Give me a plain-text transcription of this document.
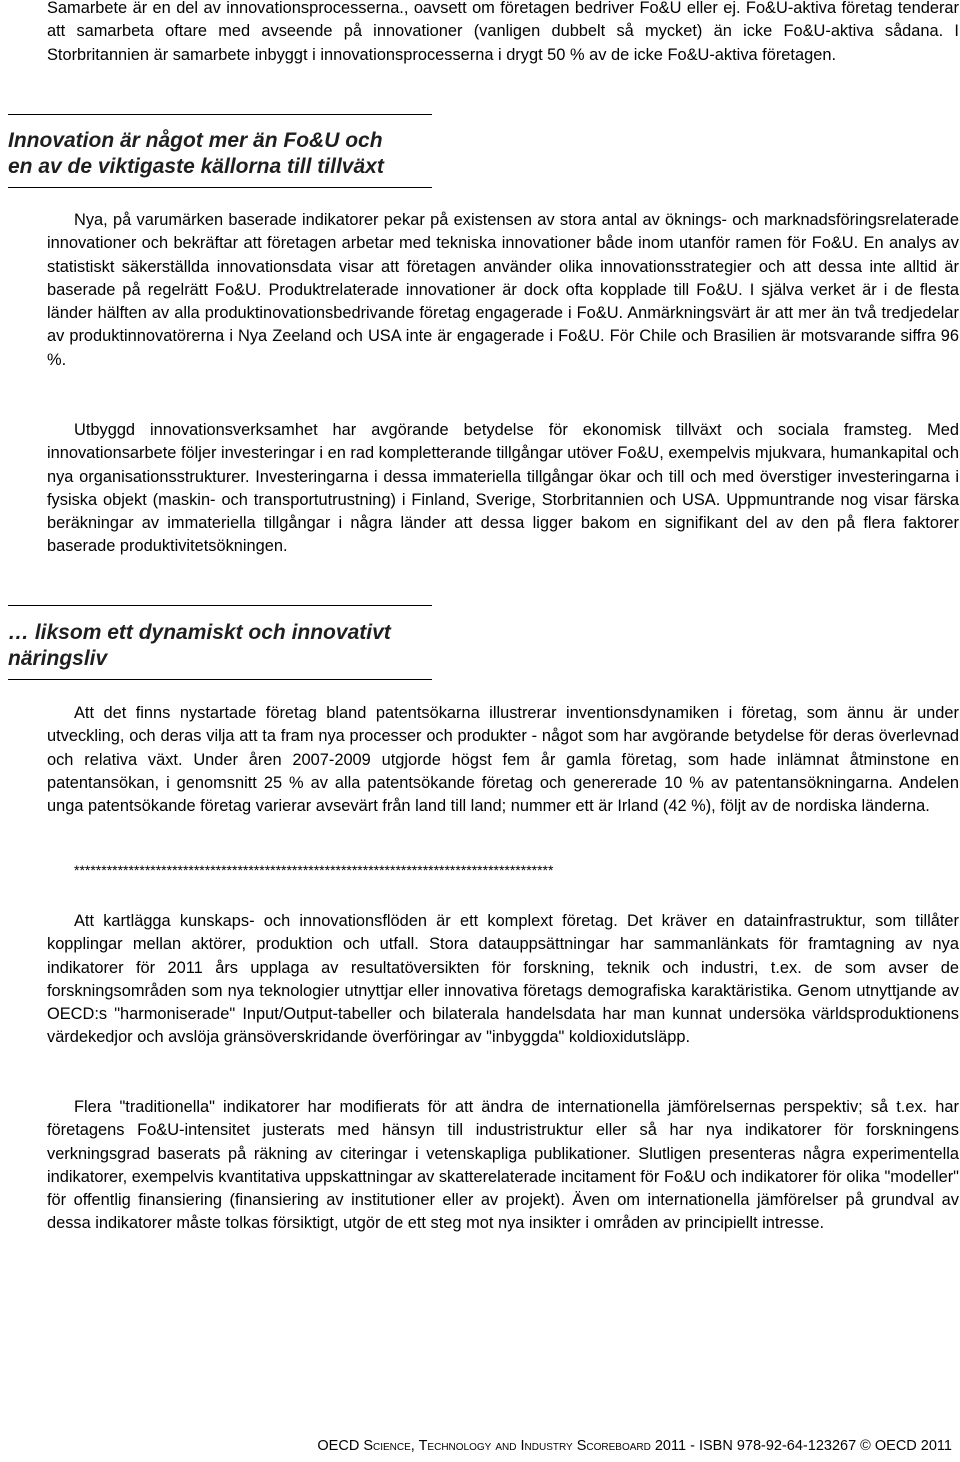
Samarbete är en del av innovationsprocesserna., oavsett om företagen bedriver Fo&U eller ej. Fo&U-aktiva företag tenderar att samarbeta oftare med avseende på innovationer (vanligen dubbelt så mycket) än icke Fo&U-aktiva sådana. I Storbritannien är samarbete inbyggt i innovationsprocesserna i drygt 50 % av de icke Fo&U-aktiva företagen.

Innovation är något mer än Fo&U och
en av de viktigaste källorna till tillväxt

Nya, på varumärken baserade indikatorer pekar på existensen av stora antal av öknings- och marknadsföringsrelaterade innovationer och bekräftar att företagen arbetar med tekniska innovationer både inom utanför ramen för Fo&U. En analys av statistiskt säkerställda innovationsdata visar att företagen använder olika innovationsstrategier och att dessa inte alltid är baserade på regelrätt Fo&U. Produktrelaterade innovationer är dock ofta kopplade till Fo&U. I själva verket är i de flesta länder hälften av alla produktinovationsbedrivande företag engagerade i Fo&U. Anmärkningsvärt är att mer än två tredjedelar av produktinnovatörerna i Nya Zeeland och USA inte är engagerade i Fo&U. För Chile och Brasilien är motsvarande siffra 96 %.

Utbyggd innovationsverksamhet har avgörande betydelse för ekonomisk tillväxt och sociala framsteg. Med innovationsarbete följer investeringar i en rad kompletterande tillgångar utöver Fo&U, exempelvis mjukvara, humankapital och nya organisationsstrukturer. Investeringarna i dessa immateriella tillgångar ökar och till och med överstiger investeringarna i fysiska objekt (maskin- och transportutrustning) i Finland, Sverige, Storbritannien och USA. Uppmuntrande nog visar färska beräkningar av immateriella tillgångar i några länder att dessa ligger bakom en signifikant del av den på flera faktorer baserade produktivitetsökningen.

… liksom ett dynamiskt och innovativt
näringsliv

Att det finns nystartade företag bland patentsökarna illustrerar inventionsdynamiken i företag, som ännu är under utveckling, och deras vilja att ta fram nya processer och produkter - något som har avgörande betydelse för deras överlevnad och relativa växt. Under åren 2007-2009 utgjorde högst fem år gamla företag, som hade inlämnat åtminstone en patentansökan, i genomsnitt 25 % av alla patentsökande företag och genererade 10 % av patentansökningarna. Andelen unga patentsökande företag varierar avsevärt från land till land; nummer ett är Irland (42 %), följt av de nordiska länderna.

****************************************************************************************

Att kartlägga kunskaps- och innovationsflöden är ett komplext företag. Det kräver en datainfrastruktur, som tillåter kopplingar mellan aktörer, produktion och utfall. Stora datauppsättningar har sammanlänkats för framtagning av nya indikatorer för 2011 års upplaga av resultatöversikten för forskning, teknik och industri, t.ex. de som avser de forskningsområden som nya teknologier utnyttjar eller innovativa företags demografiska karaktäristika. Genom utnyttjande av OECD:s "harmoniserade" Input/Output-tabeller och bilaterala handelsdata har man kunnat undersöka världsproduktionens värdekedjor och avslöja gränsöverskridande överföringar av "inbyggda" koldioxidutsläpp.

Flera "traditionella" indikatorer har modifierats för att ändra de internationella jämförelsernas perspektiv; så t.ex. har företagens Fo&U-intensitet justerats med hänsyn till industristruktur eller så har nya indikatorer för forskningens verkningsgrad baserats på räkning av citeringar i vetenskapliga publikationer. Slutligen presenteras några experimentella indikatorer, exempelvis kvantitativa uppskattningar av skatterelaterade incitament för Fo&U och indikatorer för olika "modeller" för offentlig finansiering (finansiering av institutioner eller av projekt). Även om internationella jämförelser på grundval av dessa indikatorer måste tolkas försiktigt, utgör de ett steg mot nya insikter i områden av principiellt intresse.

OECD Science, Technology and Industry Scoreboard 2011 - ISBN 978-92-64-123267 © OECD 2011
